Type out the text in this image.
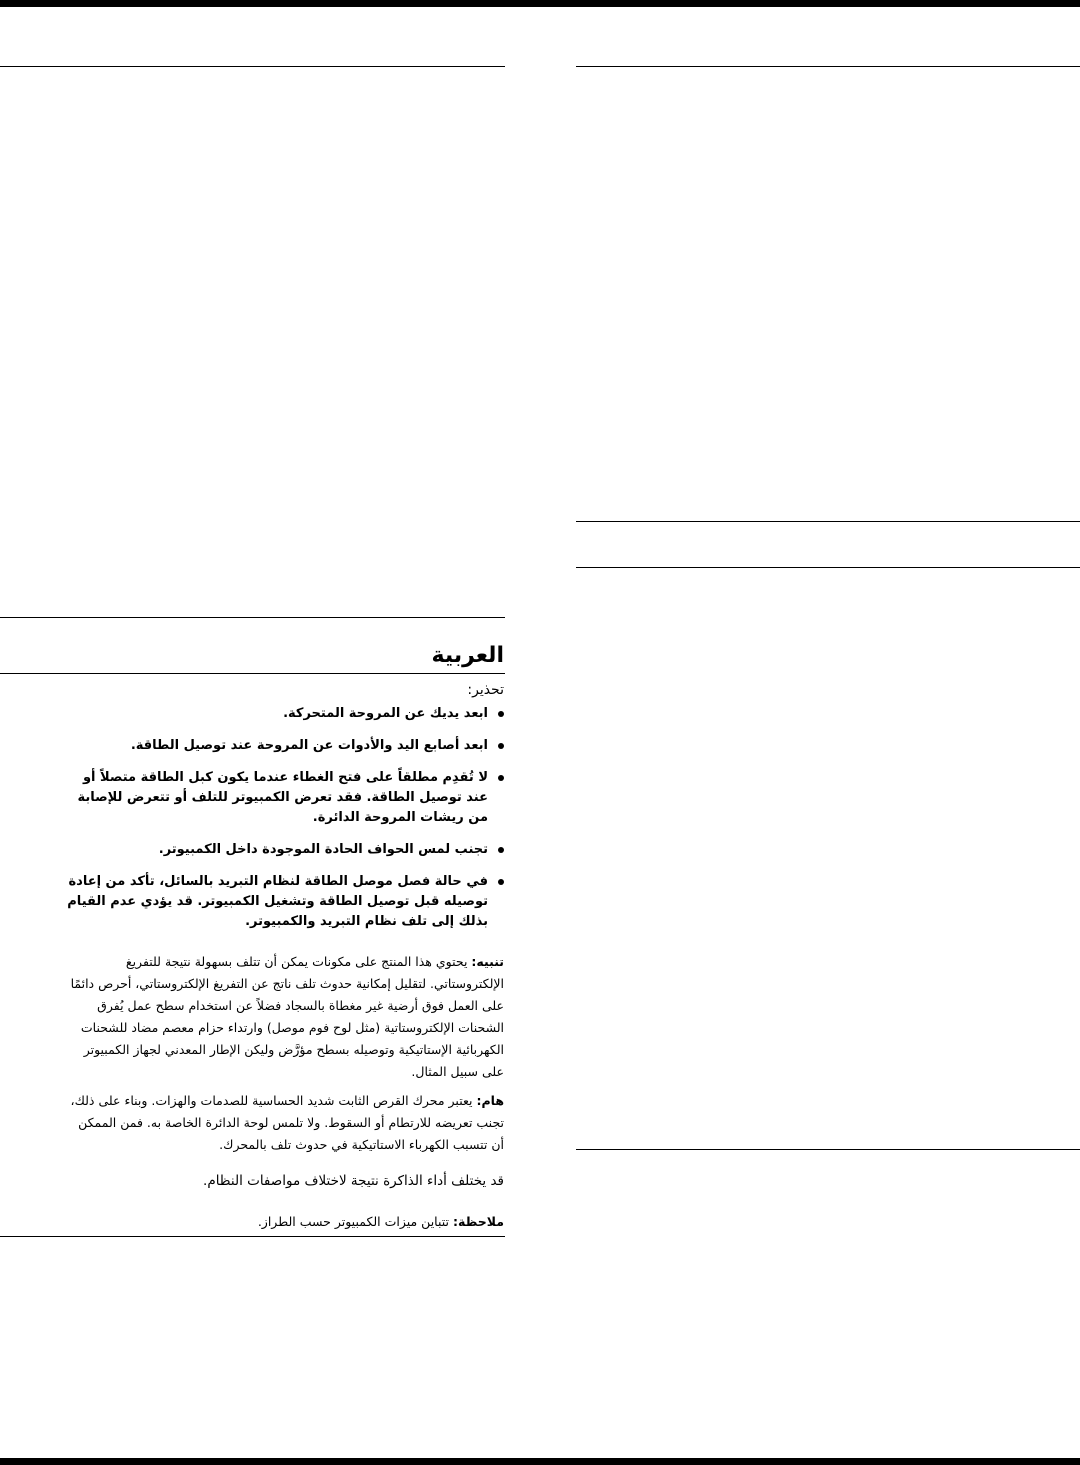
العربية
تحذير:
ابعد يديك عن المروحة المتحركة.
ابعد أصابع اليد والأدوات عن المروحة عند توصيل الطاقة.
لا تُقدِم مطلقاً على فتح الغطاء عندما يكون كبل الطاقة متصلاً أو عند توصيل الطاقة. فقد تعرض الكمبيوتر للتلف أو تتعرض للإصابة من ريشات المروحة الدائرة.
تجنب لمس الحواف الحادة الموجودة داخل الكمبيوتر.
في حالة فصل موصل الطاقة لنظام التبريد بالسائل، تأكد من إعادة توصيله قبل توصيل الطاقة وتشغيل الكمبيوتر. قد يؤدي عدم القيام بذلك إلى تلف نظام التبريد والكمبيوتر.
تنبيه: يحتوي هذا المنتج على مكونات يمكن أن تتلف بسهولة نتيجة للتفريغ الإلكتروستاتي. لتقليل إمكانية حدوث تلف ناتج عن التفريغ الإلكتروستاتي، أحرص دائمًا على العمل فوق أرضية غير مغطاة بالسجاد فضلاً عن استخدام سطح عمل يُفرق الشحنات الإلكتروستاتية (مثل لوح فوم موصل) وارتداء حزام معصم مضاد للشحنات الكهربائية الإستاتيكية وتوصيله بسطح مؤرَّض وليكن الإطار المعدني لجهاز الكمبيوتر على سبيل المثال.
هام: يعتبر محرك القرص الثابت شديد الحساسية للصدمات والهزات. وبناء على ذلك، تجنب تعريضه للارتطام أو السقوط. ولا تلمس لوحة الدائرة الخاصة به. فمن الممكن أن تتسبب الكهرباء الاستاتيكية في حدوث تلف بالمحرك.
قد يختلف أداء الذاكرة نتيجة لاختلاف مواصفات النظام.
ملاحظة: تتباين ميزات الكمبيوتر حسب الطراز.
